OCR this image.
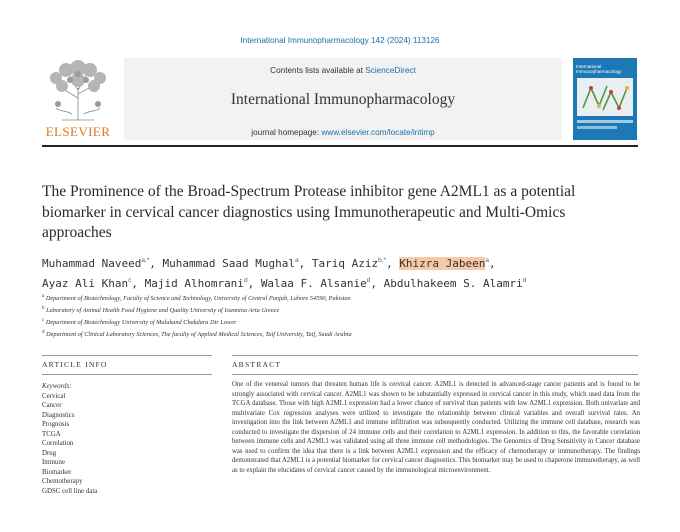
International Immunopharmacology 142 (2024) 113126
ELSEVIER
Contents lists available at ScienceDirect
International Immunopharmacology
journal homepage: www.elsevier.com/locate/intimp
International Immunopharmacology
The Prominence of the Broad-Spectrum Protease inhibitor gene A2ML1 as a potential biomarker in cervical cancer diagnostics using Immunotherapeutic and Multi-Omics approaches
Muhammad Naveed$^{a,*}$, Muhammad Saad Mughal$^a$, Tariq Aziz$^{b,*}$, Khizra Jabeen$^a$,
Ayaz Ali Khan$^c$, Majid Alhomrani$^d$, Walaa F. Alsanie$^d$, Abdulhakeem S. Alamri$^d$
$^a$ Department of Biotechnology, Faculty of Science and Technology, University of Central Punjab, Lahore 54590, Pakistan
$^b$ Laboratory of Animal Health Food Hygiene and Quality University of Ioannina Arta Greece
$^c$ Department of Biotechnology University of Malakand Chakdara Dir Lower
$^d$ Department of Clinical Laboratory Sciences, The faculty of Applied Medical Sciences, Taif University, Taif, Saudi Arabia
ARTICLE INFO	ABSTRACT
Keywords:
Cervical
Cancer
Diagnostics
Prognosis
TCGA
Correlation
Drug
Immune
Biomarker
Chemotherapy
GDSC cell line data
One of the venereal tumors that threaten human life is cervical cancer. A2ML1 is detected in advanced-stage cancer patients and is found to be strongly associated with cervical cancer. A2ML1 was shown to be substantially expressed in cervical cancer in this study, which used data from the TCGA database. Those with high A2ML1 expression had a lower chance of survival than patients with low A2ML1 expression. Both univariate and multivariate Cox regression analyses were utilized to investigate the relationship between clinical variables and overall survival rates. An investigation into the link between A2ML1 and immune infiltration was subsequently conducted. Utilizing the immune cell database, research was conducted to investigate the dispersion of 24 immune cells and their correlation to A2ML1 expression. In addition to this, the favorable correlation between immune cells and A2ML1 was validated using all three immune cell methodologies. The Genomics of Drug Sensitivity in Cancer database was used to confirm the idea that there is a link between A2ML1 expression and the efficacy of chemotherapy or immunotherapy. The findings demonstrated that A2ML1 is a potential biomarker for cervical cancer diagnostics. This biomarker may be used to chaperone immunotherapy, as well as to explain the elucidates of cervical cancer caused by the immunological microenvironment.
